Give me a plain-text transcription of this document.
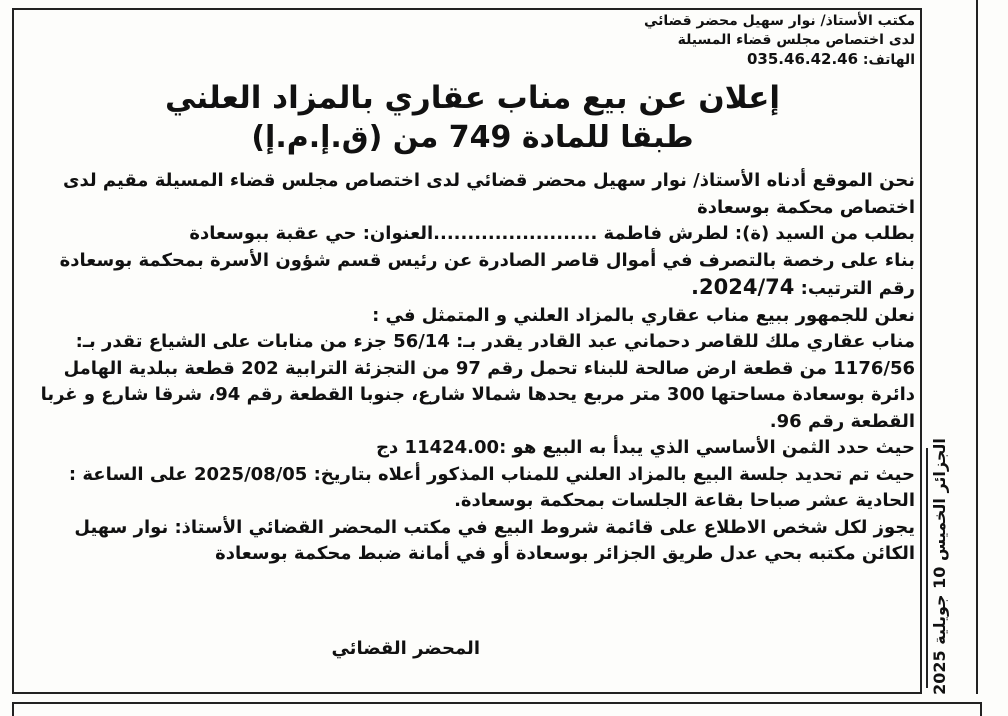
الجزائر الخميس 10 جويلية 2025
مكتب الأستاذ/ نوار سهيل محضر قضائي
لدى اختصاص مجلس قضاء المسيلة
الهاتف: 035.46.42.46
إعلان عن بيع مناب عقاري بالمزاد العلني
طبقا للمادة 749 من (ق.إ.م.إ)
نحن الموقع أدناه الأستاذ/ نوار سهيل محضر قضائي لدى اختصاص مجلس قضاء المسيلة مقيم لدى اختصاص محكمة بوسعادة
بطلب من السيد (ة): لطرش فاطمة ........................العنوان: حي عقبة ببوسعادة
بناء على رخصة بالتصرف في أموال قاصر الصادرة عن رئيس قسم شؤون الأسرة بمحكمة بوسعادة رقم الترتيب: 2024/74.
نعلن للجمهور ببيع مناب عقاري بالمزاد العلني و المتمثل في :
مناب عقاري ملك للقاصر دحماني عبد القادر يقدر بـ: 56/14 جزء من منابات على الشياع تقدر بـ: 1176/56 من قطعة ارض صالحة للبناء تحمل رقم 97 من التجزئة الترابية 202 قطعة ببلدية الهامل دائرة بوسعادة مساحتها 300 متر مربع يحدها شمالا شارع، جنوبا القطعة رقم 94، شرقا شارع و غربا القطعة رقم 96.
حيث حدد الثمن الأساسي الذي يبدأ به البيع هو :11424.00 دج
حيث تم تحديد جلسة البيع بالمزاد العلني للمناب المذكور أعلاه بتاريخ: 2025/08/05 على الساعة : الحادية عشر صباحا بقاعة الجلسات بمحكمة بوسعادة.
يجوز لكل شخص الاطلاع على قائمة شروط البيع في مكتب المحضر القضائي الأستاذ: نوار سهيل الكائن مكتبه بحي عدل طريق الجزائر بوسعادة أو في أمانة ضبط محكمة بوسعادة
المحضر القضائي
